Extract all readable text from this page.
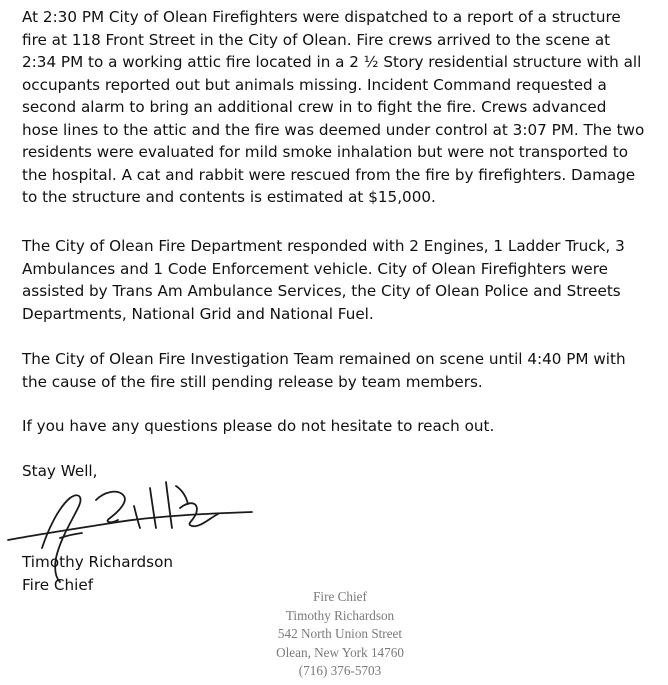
At 2:30 PM City of Olean Firefighters were dispatched to a report of a structure
fire at 118 Front Street in the City of Olean. Fire crews arrived to the scene at
2:34 PM to a working attic fire located in a 2 ½ Story residential structure with all
occupants reported out but animals missing. Incident Command requested a
second alarm to bring an additional crew in to fight the fire. Crews advanced
hose lines to the attic and the fire was deemed under control at 3:07 PM. The two
residents were evaluated for mild smoke inhalation but were not transported to
the hospital. A cat and rabbit were rescued from the fire by firefighters. Damage
to the structure and contents is estimated at $15,000.
The City of Olean Fire Department responded with 2 Engines, 1 Ladder Truck, 3
Ambulances and 1 Code Enforcement vehicle. City of Olean Firefighters were
assisted by Trans Am Ambulance Services, the City of Olean Police and Streets
Departments, National Grid and National Fuel.
The City of Olean Fire Investigation Team remained on scene until 4:40 PM with
the cause of the fire still pending release by team members.
If you have any questions please do not hesitate to reach out.
Stay Well,
Timothy Richardson
Fire Chief
Fire Chief
Timothy Richardson
542 North Union Street
Olean, New York 14760
(716) 376-5703
